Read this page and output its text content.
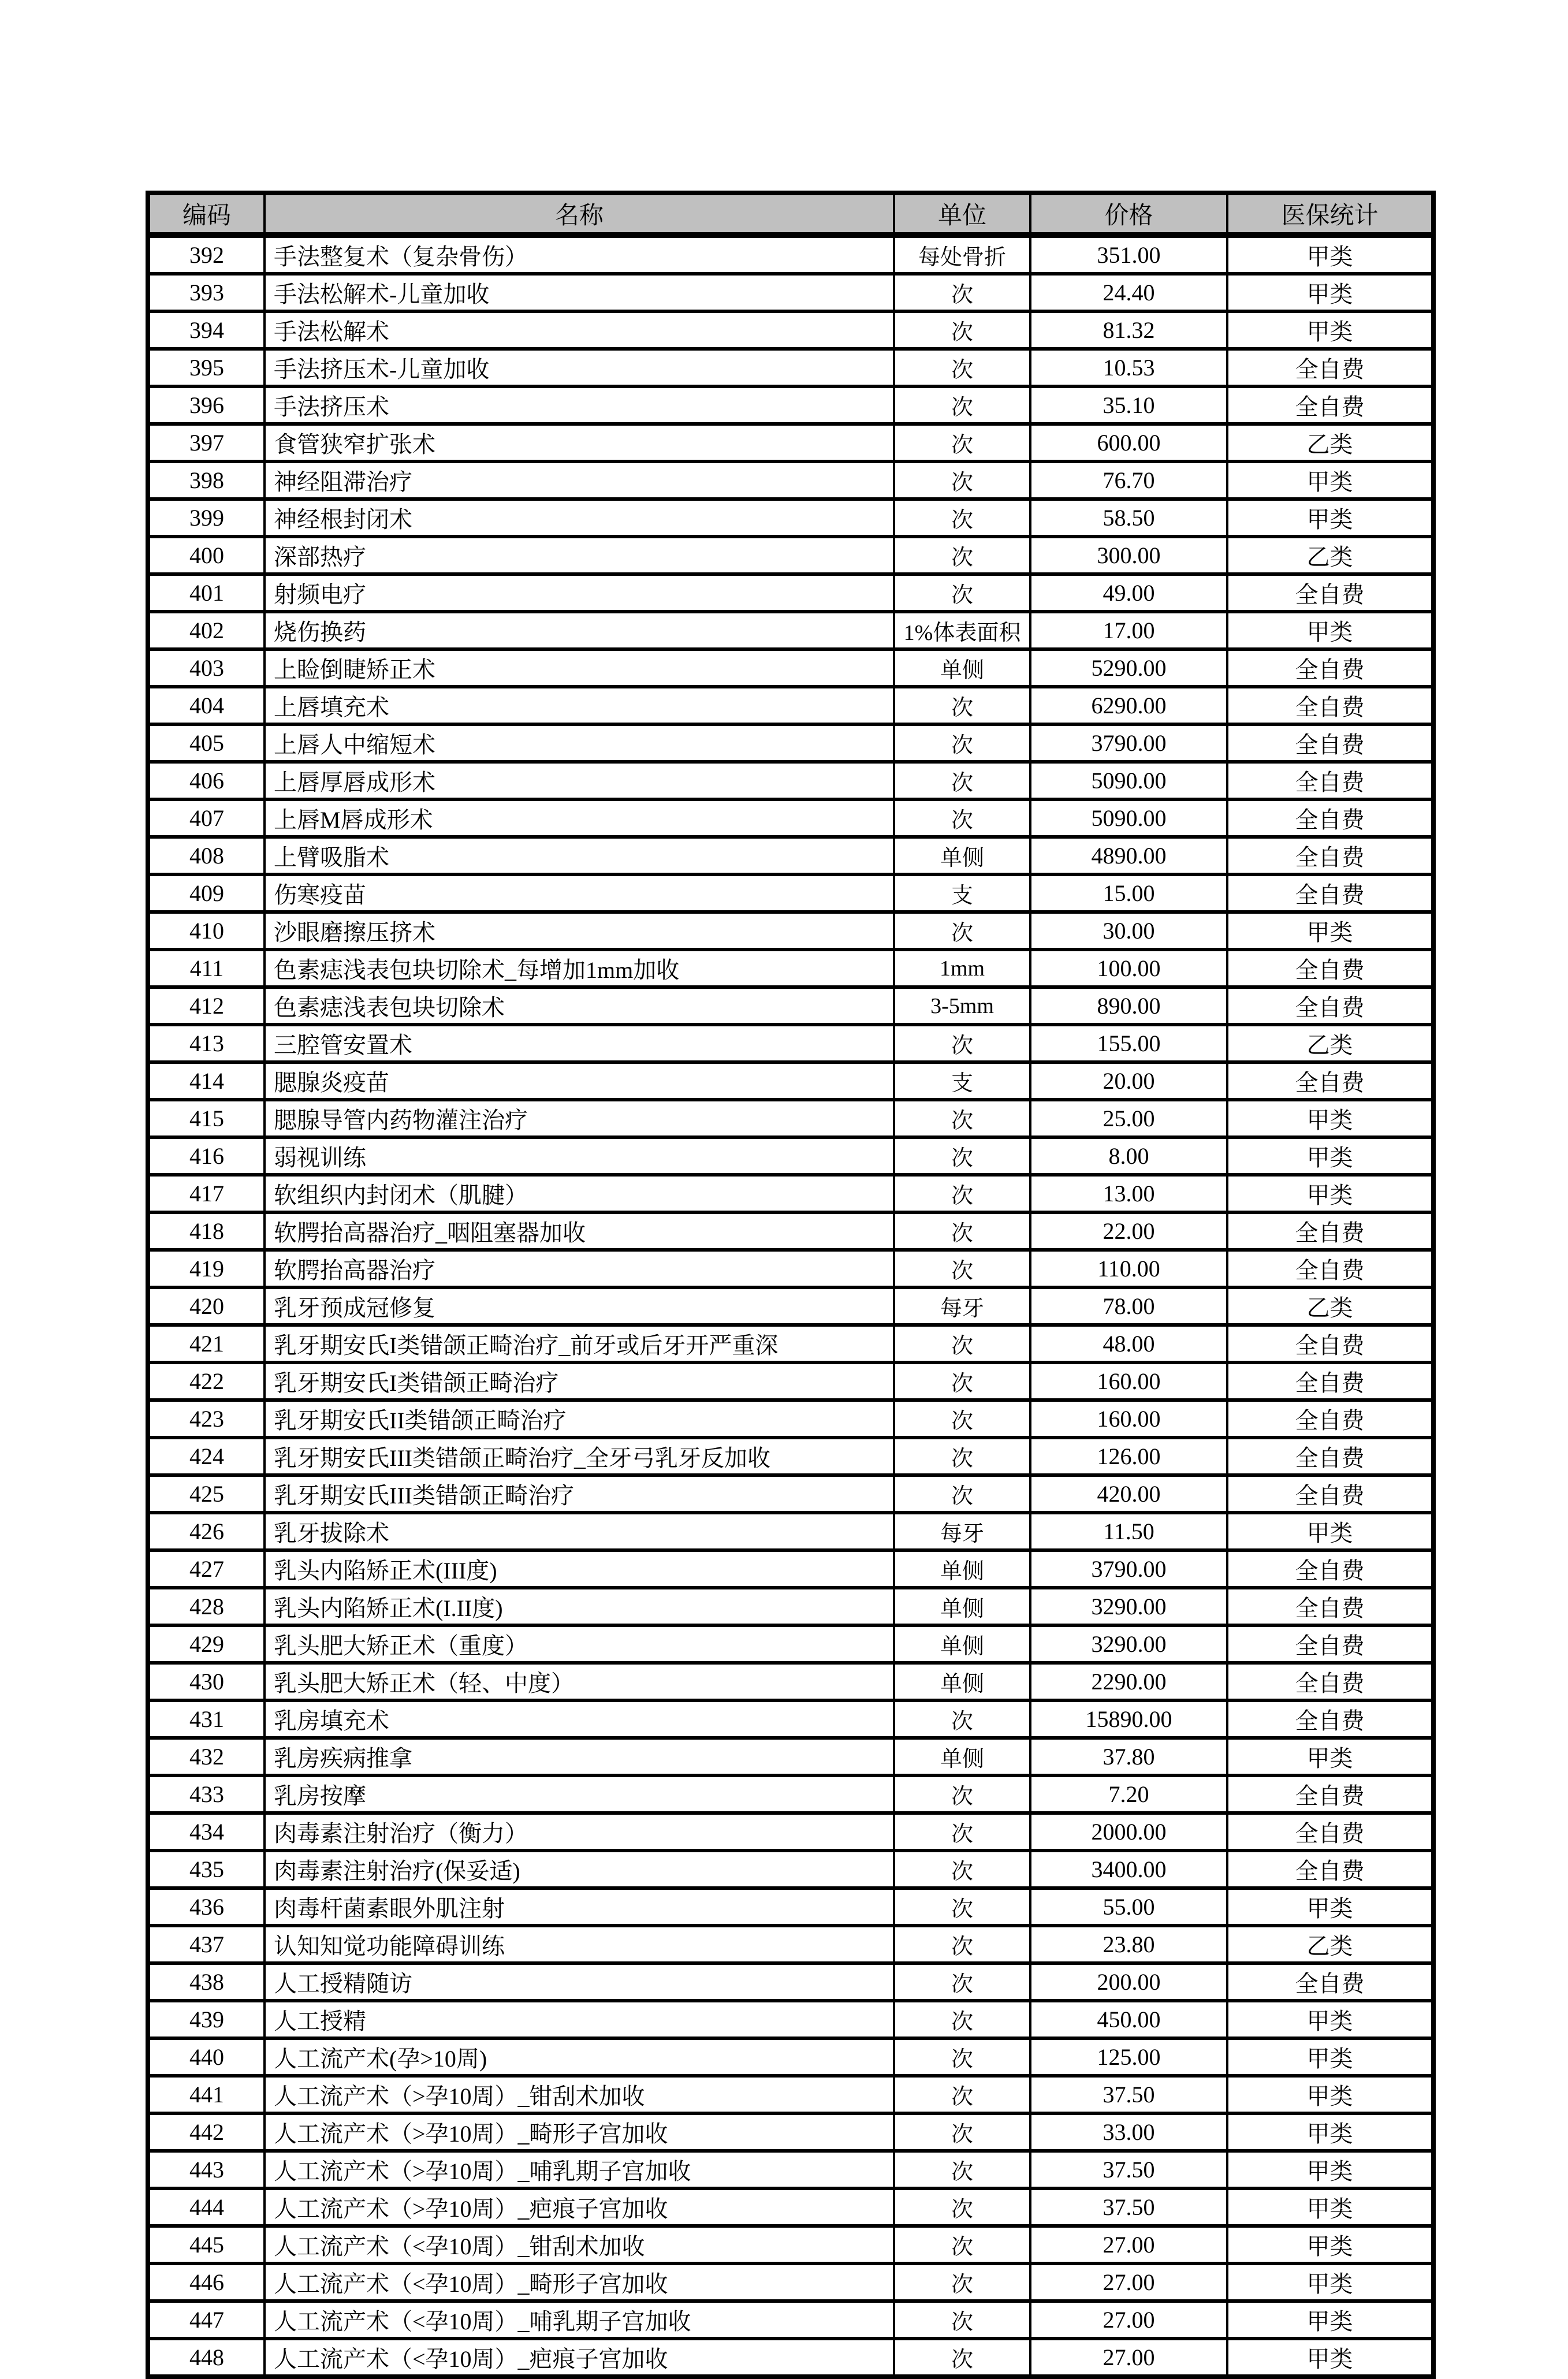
编码	名称	单位	价格	医保统计
392	手法整复术（复杂骨伤）	每处骨折	351.00	甲类
393	手法松解术-儿童加收	次	24.40	甲类
394	手法松解术	次	81.32	甲类
395	手法挤压术-儿童加收	次	10.53	全自费
396	手法挤压术	次	35.10	全自费
397	食管狭窄扩张术	次	600.00	乙类
398	神经阻滞治疗	次	76.70	甲类
399	神经根封闭术	次	58.50	甲类
400	深部热疗	次	300.00	乙类
401	射频电疗	次	49.00	全自费
402	烧伤换药	1%体表面积	17.00	甲类
403	上睑倒睫矫正术	单侧	5290.00	全自费
404	上唇填充术	次	6290.00	全自费
405	上唇人中缩短术	次	3790.00	全自费
406	上唇厚唇成形术	次	5090.00	全自费
407	上唇M唇成形术	次	5090.00	全自费
408	上臂吸脂术	单侧	4890.00	全自费
409	伤寒疫苗	支	15.00	全自费
410	沙眼磨擦压挤术	次	30.00	甲类
411	色素痣浅表包块切除术_每增加1mm加收	1mm	100.00	全自费
412	色素痣浅表包块切除术	3-5mm	890.00	全自费
413	三腔管安置术	次	155.00	乙类
414	腮腺炎疫苗	支	20.00	全自费
415	腮腺导管内药物灌注治疗	次	25.00	甲类
416	弱视训练	次	8.00	甲类
417	软组织内封闭术（肌腱）	次	13.00	甲类
418	软腭抬高器治疗_咽阻塞器加收	次	22.00	全自费
419	软腭抬高器治疗	次	110.00	全自费
420	乳牙预成冠修复	每牙	78.00	乙类
421	乳牙期安氏I类错颌正畸治疗_前牙或后牙开严重深	次	48.00	全自费
422	乳牙期安氏I类错颌正畸治疗	次	160.00	全自费
423	乳牙期安氏II类错颌正畸治疗	次	160.00	全自费
424	乳牙期安氏III类错颌正畸治疗_全牙弓乳牙反加收	次	126.00	全自费
425	乳牙期安氏III类错颌正畸治疗	次	420.00	全自费
426	乳牙拔除术	每牙	11.50	甲类
427	乳头内陷矫正术(III度)	单侧	3790.00	全自费
428	乳头内陷矫正术(I.II度)	单侧	3290.00	全自费
429	乳头肥大矫正术（重度）	单侧	3290.00	全自费
430	乳头肥大矫正术（轻、中度）	单侧	2290.00	全自费
431	乳房填充术	次	15890.00	全自费
432	乳房疾病推拿	单侧	37.80	甲类
433	乳房按摩	次	7.20	全自费
434	肉毒素注射治疗（衡力）	次	2000.00	全自费
435	肉毒素注射治疗(保妥适)	次	3400.00	全自费
436	肉毒杆菌素眼外肌注射	次	55.00	甲类
437	认知知觉功能障碍训练	次	23.80	乙类
438	人工授精随访	次	200.00	全自费
439	人工授精	次	450.00	甲类
440	人工流产术(孕>10周)	次	125.00	甲类
441	人工流产术（>孕10周）_钳刮术加收	次	37.50	甲类
442	人工流产术（>孕10周）_畸形子宫加收	次	33.00	甲类
443	人工流产术（>孕10周）_哺乳期子宫加收	次	37.50	甲类
444	人工流产术（>孕10周）_疤痕子宫加收	次	37.50	甲类
445	人工流产术（<孕10周）_钳刮术加收	次	27.00	甲类
446	人工流产术（<孕10周）_畸形子宫加收	次	27.00	甲类
447	人工流产术（<孕10周）_哺乳期子宫加收	次	27.00	甲类
448	人工流产术（<孕10周）_疤痕子宫加收	次	27.00	甲类
